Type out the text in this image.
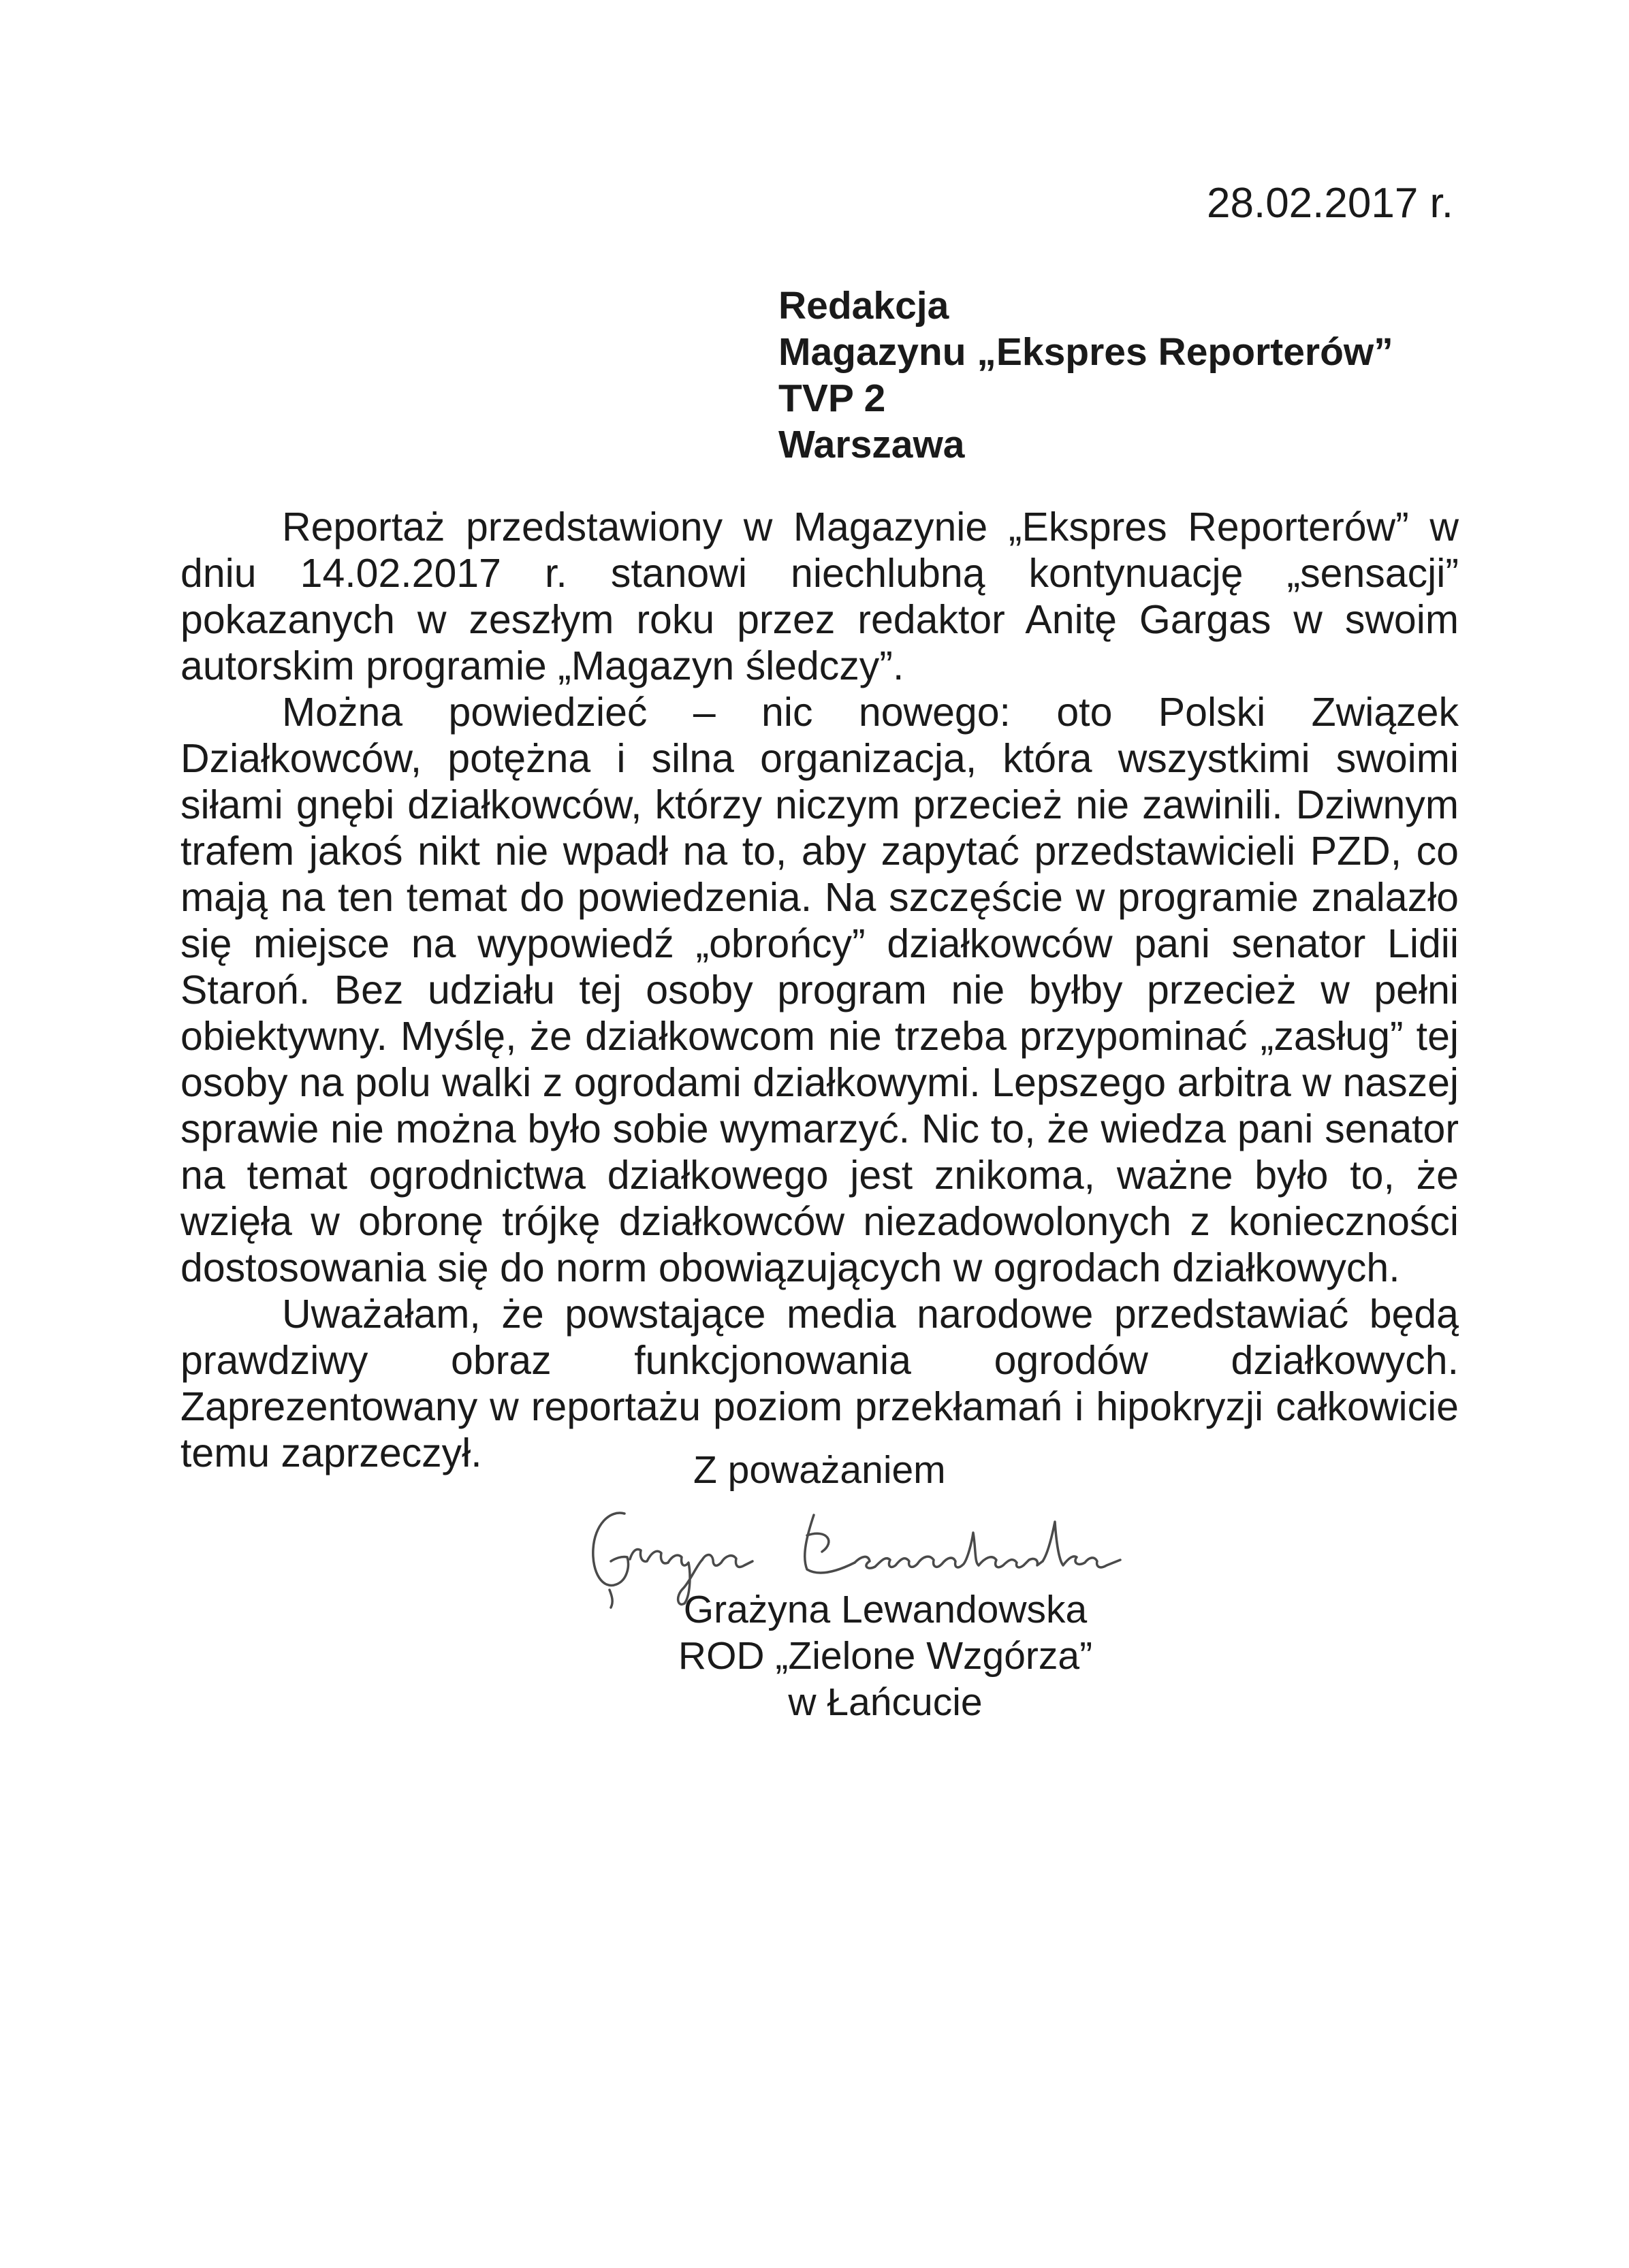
28.02.2017 r.
Redakcja
Magazynu „Ekspres Reporterów”
TVP 2
Warszawa

Reportaż przedstawiony w Magazynie „Ekspres Reporterów” w dniu 14.02.2017 r. stanowi niechlubną kontynuację „sensacji” pokazanych w zeszłym roku przez redaktor Anitę Gargas w swoim autorskim programie „Magazyn śledczy”.

Można powiedzieć – nic nowego: oto Polski Związek Działkowców, potężna i silna organizacja, która wszystkimi swoimi siłami gnębi działkowców, którzy niczym przecież nie zawinili. Dziwnym trafem jakoś nikt nie wpadł na to, aby zapytać przedstawicieli PZD, co mają na ten temat do powiedzenia. Na szczęście w programie znalazło się miejsce na wypowiedź „obrońcy” działkowców pani senator Lidii Staroń. Bez udziału tej osoby program nie byłby przecież w pełni obiektywny. Myślę, że działkowcom nie trzeba przypominać „zasług” tej osoby na polu walki z ogrodami działkowymi. Lepszego arbitra w naszej sprawie nie można było sobie wymarzyć. Nic to, że wiedza pani senator na temat ogrodnictwa działkowego jest znikoma, ważne było to, że wzięła w obronę trójkę działkowców niezadowolonych z konieczności dostosowania się do norm obowiązujących w ogrodach działkowych.

Uważałam, że powstające media narodowe przedstawiać będą prawdziwy obraz funkcjonowania ogrodów działkowych. Zaprezentowany w reportażu poziom przekłamań i hipokryzji całkowicie temu zaprzeczył.	Z poważaniem
Grażyna Lewandowska
ROD „Zielone Wzgórza”
w Łańcucie
